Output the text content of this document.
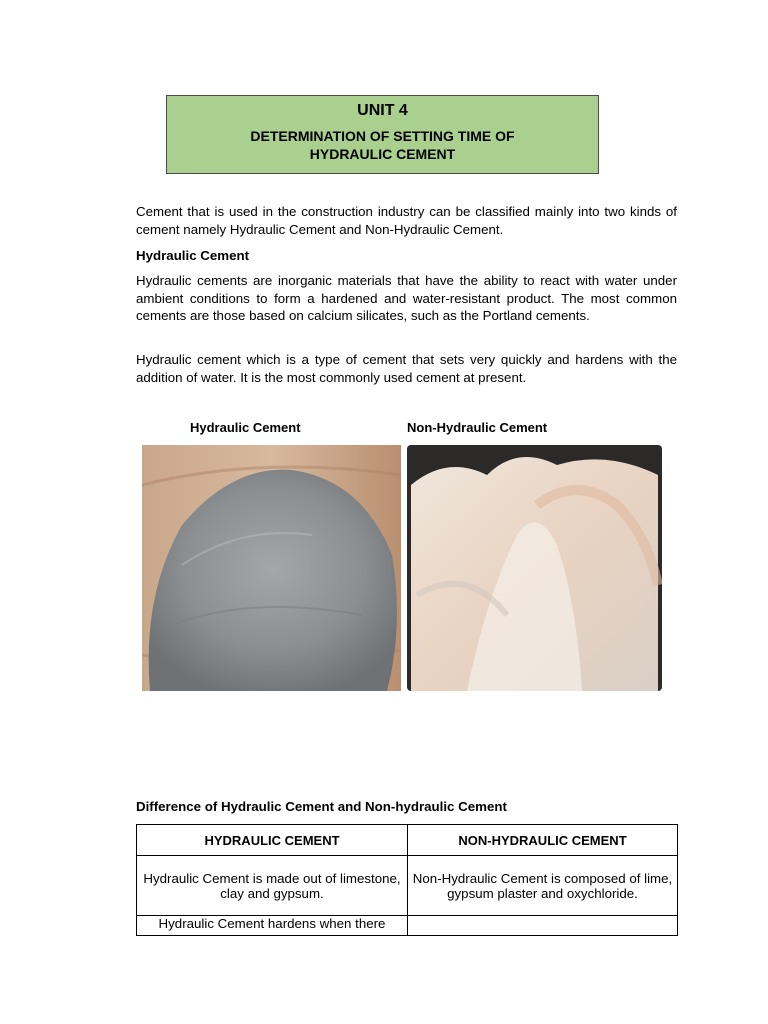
UNIT 4
DETERMINATION OF SETTING TIME OF
HYDRAULIC CEMENT
Cement that is used in the construction industry can be classified mainly into two kinds of cement namely Hydraulic Cement and Non-Hydraulic Cement.
Hydraulic Cement
Hydraulic cements are inorganic materials that have the ability to react with water under ambient conditions to form a hardened and water-resistant product. The most common cements are those based on calcium silicates, such as the Portland cements.
Hydraulic cement which is a type of cement that sets very quickly and hardens with the addition of water. It is the most commonly used cement at present.
Hydraulic Cement	Non-Hydraulic Cement
Difference of Hydraulic Cement and Non-hydraulic Cement
HYDRAULIC CEMENT	NON-HYDRAULIC CEMENT
Hydraulic Cement is made out of limestone, clay and gypsum.	Non-Hydraulic Cement is composed of lime, gypsum plaster and oxychloride.
Hydraulic Cement hardens when there	
